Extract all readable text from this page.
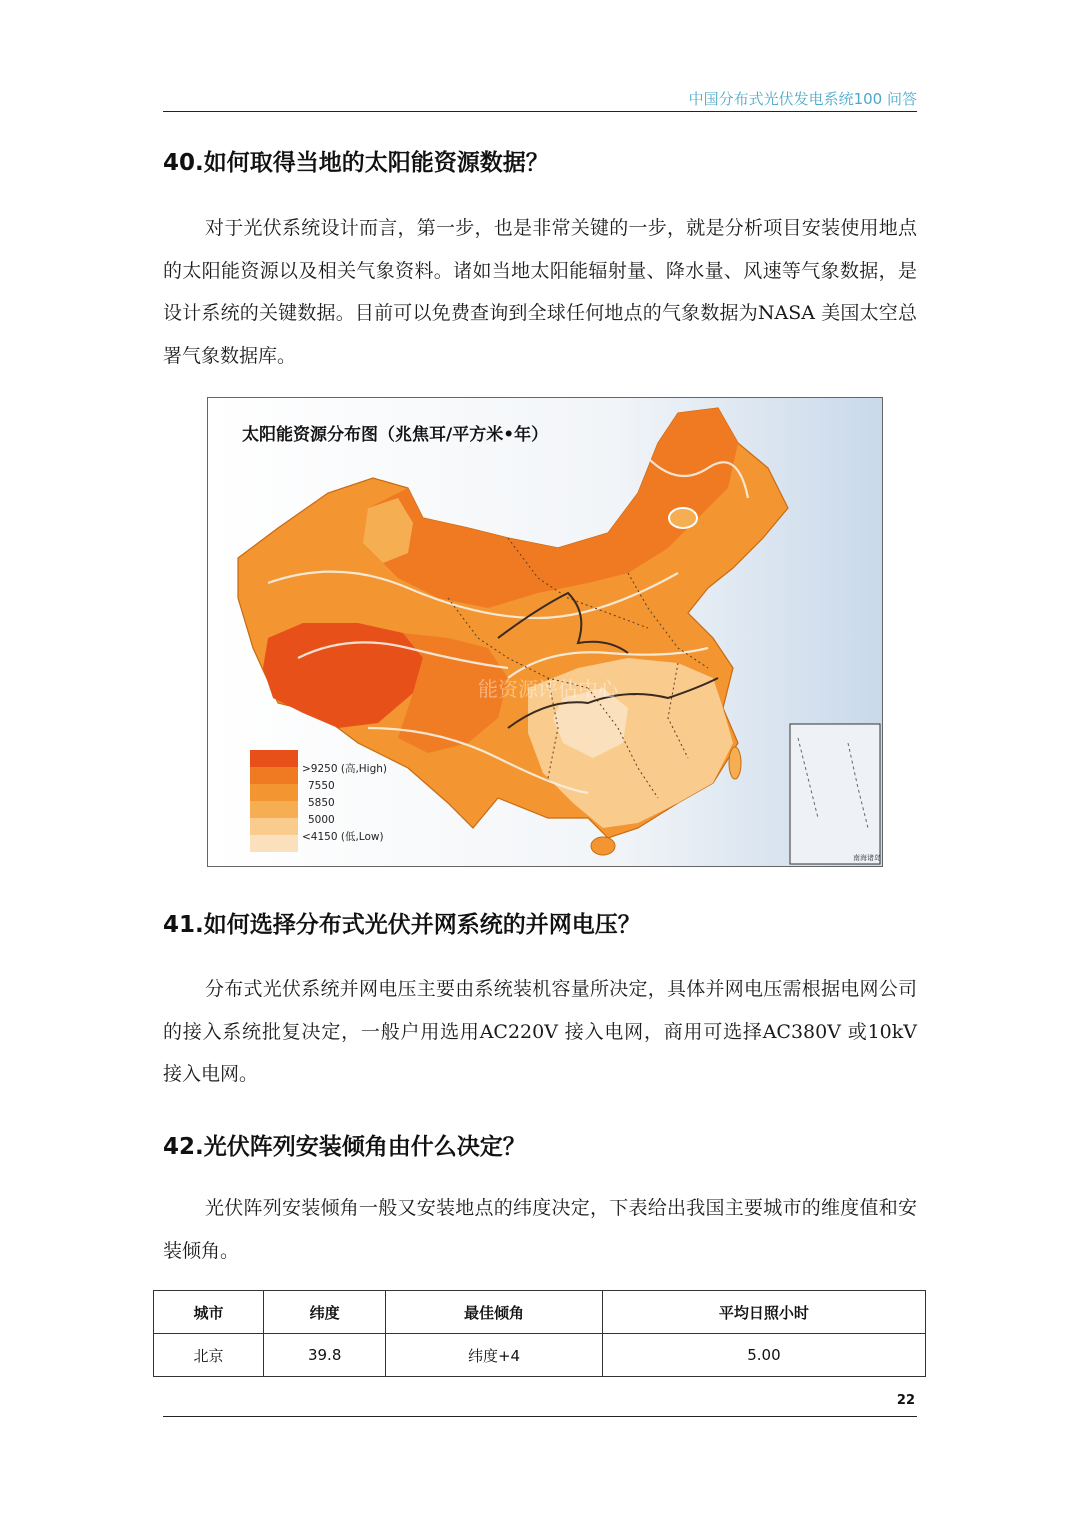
中国分布式光伏发电系统100 问答
40.如何取得当地的太阳能资源数据？

对于光伏系统设计而言，第一步，也是非常关键的一步，就是分析项目安装使用地点的太阳能资源以及相关气象资料。诸如当地太阳能辐射量、降水量、风速等气象数据，是设计系统的关键数据。目前可以免费查询到全球任何地点的气象数据为NASA 美国太空总署气象数据库。

南海诸岛
太阳能资源分布图（兆焦耳/平方米•年）
能资源评估中心
>9250 (高,High)
7550
5850
5000
<4150 (低,Low)
41.如何选择分布式光伏并网系统的并网电压？

分布式光伏系统并网电压主要由系统装机容量所决定，具体并网电压需根据电网公司的接入系统批复决定，一般户用选用AC220V 接入电网，商用可选择AC380V 或10kV 接入电网。

42.光伏阵列安装倾角由什么决定？

光伏阵列安装倾角一般又安装地点的纬度决定，下表给出我国主要城市的维度值和安装倾角。

城市	纬度	最佳倾角	平均日照小时
北京	39.8	纬度+4	5.00
22
